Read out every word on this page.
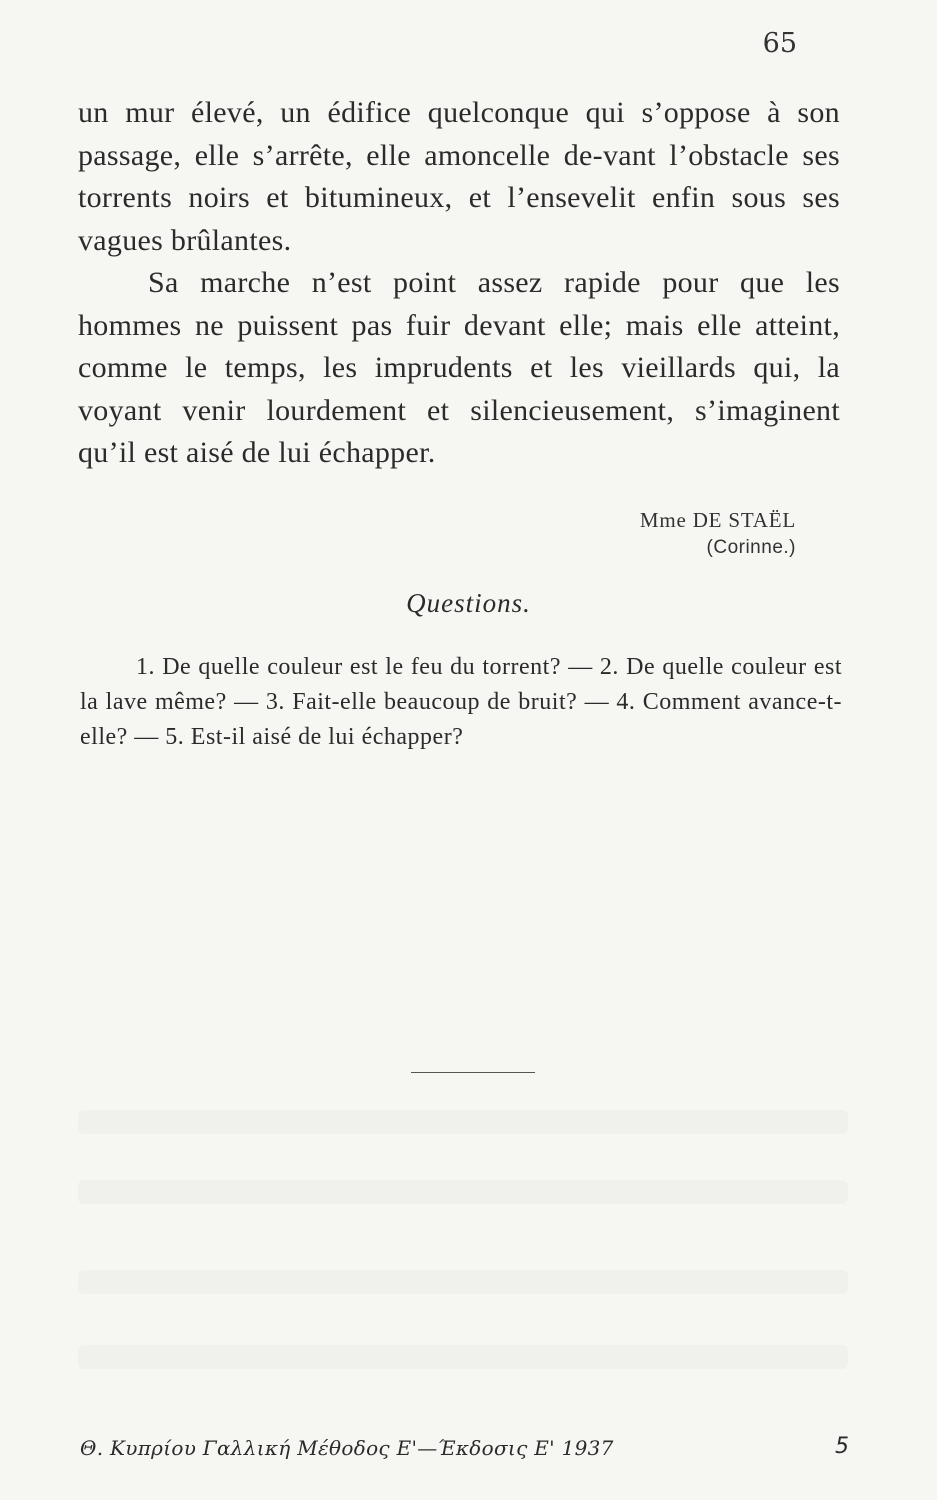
65

un mur élevé, un édifice quelconque qui s’oppose à son passage, elle s’arrête, elle amoncelle de-vant l’obstacle ses torrents noirs et bitumineux, et l’ensevelit enfin sous ses vagues brûlantes.

Sa marche n’est point assez rapide pour que les hommes ne puissent pas fuir devant elle; mais elle atteint, comme le temps, les imprudents et les vieillards qui, la voyant venir lourdement et silencieusement, s’imaginent qu’il est aisé de lui échapper.

Mme DE STAËL
(Corinne.)
Questions.
1. De quelle couleur est le feu du torrent? — 2. De quelle couleur est la lave même? — 3. Fait-elle beaucoup de bruit? — 4. Comment avance-t-elle? — 5. Est-il aisé de lui échapper?
Θ. Κυπρίου Γαλλική Μέθοδος Ε'—Έκδοσις Ε' 1937	5
